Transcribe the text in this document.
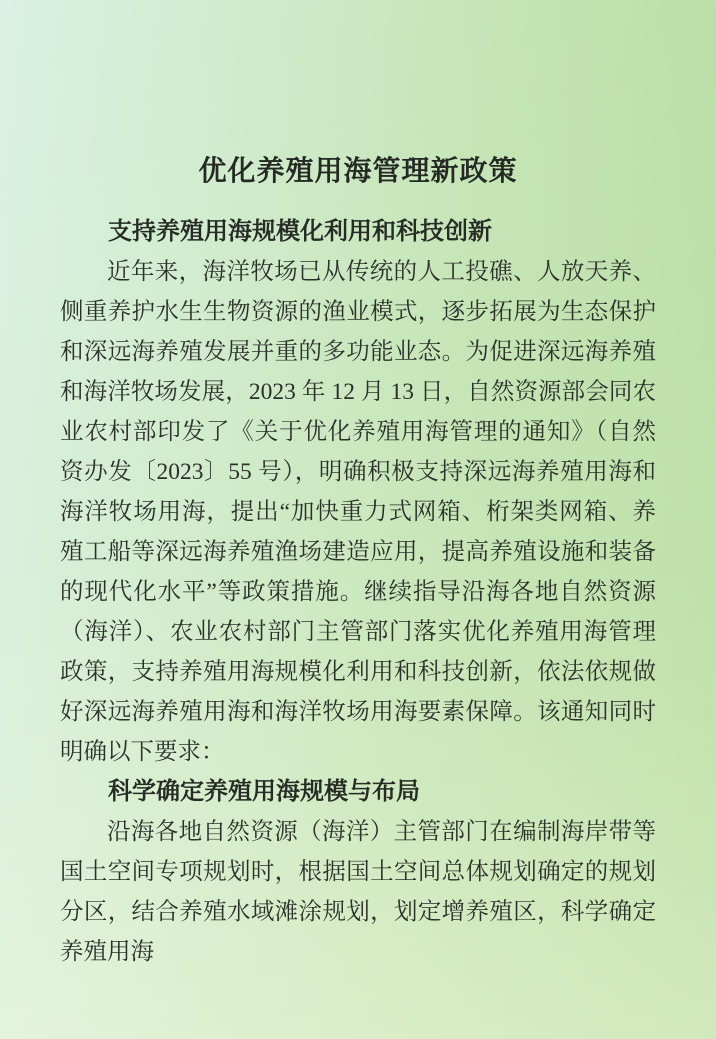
优化养殖用海管理新政策
支持养殖用海规模化利用和科技创新

近年来，海洋牧场已从传统的人工投礁、人放天养、侧重养护水生生物资源的渔业模式，逐步拓展为生态保护和深远海养殖发展并重的多功能业态。为促进深远海养殖和海洋牧场发展，2023 年 12 月 13 日，自然资源部会同农业农村部印发了《关于优化养殖用海管理的通知》（自然资办发〔2023〕55 号），明确积极支持深远海养殖用海和海洋牧场用海，提出“加快重力式网箱、桁架类网箱、养殖工船等深远海养殖渔场建造应用，提高养殖设施和装备的现代化水平”等政策措施。继续指导沿海各地自然资源（海洋）、农业农村部门主管部门落实优化养殖用海管理政策，支持养殖用海规模化利用和科技创新，依法依规做好深远海养殖用海和海洋牧场用海要素保障。该通知同时明确以下要求：

科学确定养殖用海规模与布局

沿海各地自然资源（海洋）主管部门在编制海岸带等国土空间专项规划时，根据国土空间总体规划确定的规划分区，结合养殖水域滩涂规划，划定增养殖区，科学确定养殖用海
